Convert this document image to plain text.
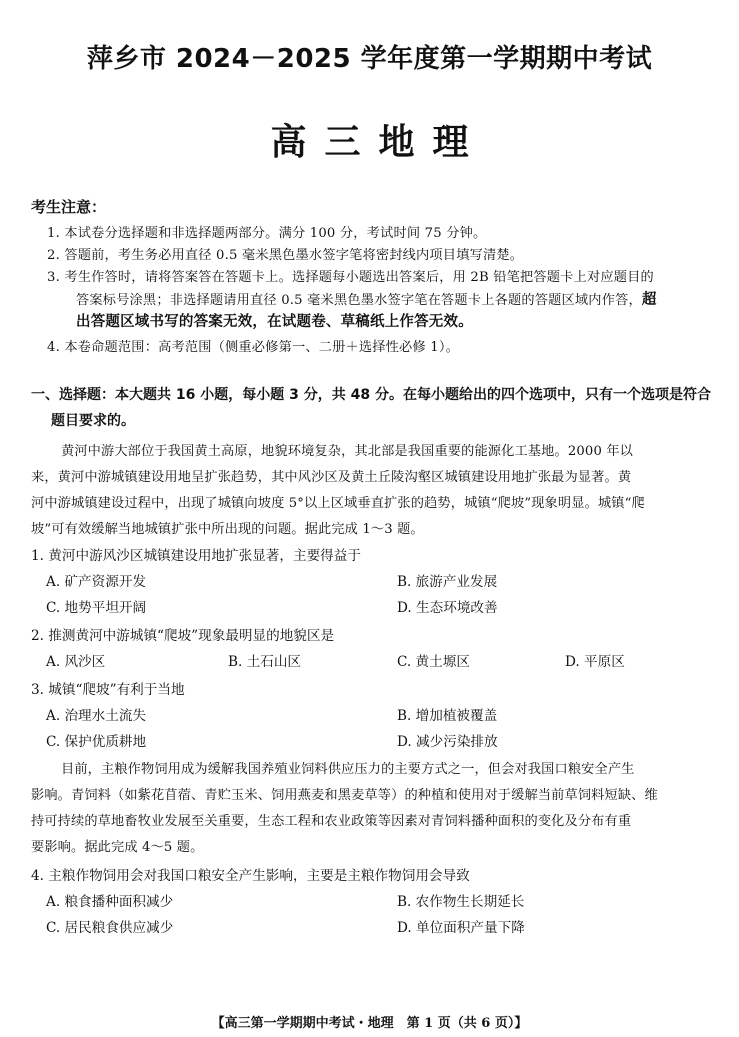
萍乡市 2024－2025 学年度第一学期期中考试
高三地理
考生注意：
1. 本试卷分选择题和非选择题两部分。满分 100 分，考试时间 75 分钟。
2. 答题前，考生务必用直径 0.5 毫米黑色墨水签字笔将密封线内项目填写清楚。
3. 考生作答时，请将答案答在答题卡上。选择题每小题选出答案后，用 2B 铅笔把答题卡上对应题目的
答案标号涂黑；非选择题请用直径 0.5 毫米黑色墨水签字笔在答题卡上各题的答题区域内作答，超
出答题区域书写的答案无效，在试题卷、草稿纸上作答无效。
4. 本卷命题范围：高考范围（侧重必修第一、二册＋选择性必修 1）。
一、选择题：本大题共 16 小题，每小题 3 分，共 48 分。在每小题给出的四个选项中，只有一个选项是符合
题目要求的。
黄河中游大部位于我国黄土高原，地貌环境复杂，其北部是我国重要的能源化工基地。2000 年以
来，黄河中游城镇建设用地呈扩张趋势，其中风沙区及黄土丘陵沟壑区城镇建设用地扩张最为显著。黄
河中游城镇建设过程中，出现了城镇向坡度 5°以上区域垂直扩张的趋势，城镇“爬坡”现象明显。城镇“爬
坡”可有效缓解当地城镇扩张中所出现的问题。据此完成 1～3 题。
1. 黄河中游风沙区城镇建设用地扩张显著，主要得益于
A. 矿产资源开发	B. 旅游产业发展
C. 地势平坦开阔	D. 生态环境改善
2. 推测黄河中游城镇“爬坡”现象最明显的地貌区是
A. 风沙区	B. 土石山区	C. 黄土塬区	D. 平原区
3. 城镇“爬坡”有利于当地
A. 治理水土流失	B. 增加植被覆盖
C. 保护优质耕地	D. 减少污染排放
目前，主粮作物饲用成为缓解我国养殖业饲料供应压力的主要方式之一，但会对我国口粮安全产生
影响。青饲料（如紫花苜蓿、青贮玉米、饲用燕麦和黑麦草等）的种植和使用对于缓解当前草饲料短缺、维
持可持续的草地畜牧业发展至关重要，生态工程和农业政策等因素对青饲料播种面积的变化及分布有重
要影响。据此完成 4～5 题。
4. 主粮作物饲用会对我国口粮安全产生影响，主要是主粮作物饲用会导致
A. 粮食播种面积减少	B. 农作物生长期延长
C. 居民粮食供应减少	D. 单位面积产量下降
【高三第一学期期中考试・地理　第 1 页（共 6 页）】
